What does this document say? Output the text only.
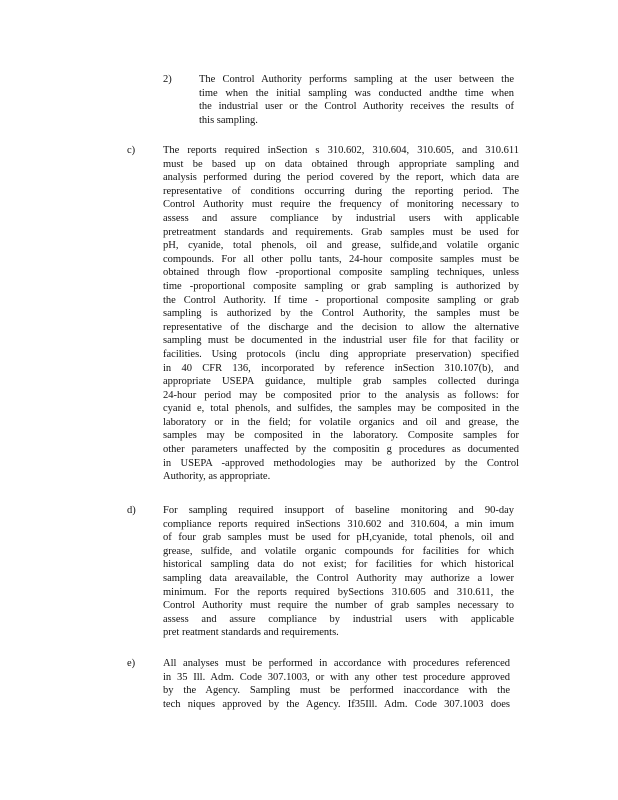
2)	The Control Authority performs sampling at the user between the
time when the initial sampling was conducted andthe time when
the industrial user or the Control Authority receives the results of
this sampling.
c)	The reports required inSection s 310.602, 310.604, 310.605, and 310.611
must be based up on data obtained through appropriate sampling and
analysis performed during the period covered by the report, which data are
representative of conditions occurring during the reporting period. The
Control Authority must require the frequency of monitoring necessary to
assess and assure compliance by industrial users with applicable
pretreatment standards and requirements. Grab samples must be used for
pH, cyanide, total phenols, oil and grease, sulfide,and volatile organic
compounds. For all other pollu tants, 24-hour composite samples must be
obtained through flow -proportional composite sampling techniques, unless
time -proportional composite sampling or grab sampling is authorized by
the Control Authority. If time - proportional composite sampling or grab
sampling is authorized by the Control Authority, the samples must be
representative of the discharge and the decision to allow the alternative
sampling must be documented in the industrial user file for that facility or
facilities. Using protocols (inclu ding appropriate preservation) specified
in 40 CFR 136, incorporated by reference inSection 310.107(b), and
appropriate USEPA guidance, multiple grab samples collected duringa
24-hour period may be composited prior to the analysis as follows: for
cyanid e, total phenols, and sulfides, the samples may be composited in the
laboratory or in the field; for volatile organics and oil and grease, the
samples may be composited in the laboratory. Composite samples for
other parameters unaffected by the compositin g procedures as documented
in USEPA -approved methodologies may be authorized by the Control
Authority, as appropriate.
d)	For sampling required insupport of baseline monitoring and 90-day
compliance reports required inSections 310.602 and 310.604, a min imum
of four grab samples must be used for pH,cyanide, total phenols, oil and
grease, sulfide, and volatile organic compounds for facilities for which
historical sampling data do not exist; for facilities for which historical
sampling data areavailable, the Control Authority may authorize a lower
minimum. For the reports required bySections 310.605 and 310.611, the
Control Authority must require the number of grab samples necessary to
assess and assure compliance by industrial users with applicable
pret reatment standards and requirements.
e)	All analyses must be performed in accordance with procedures referenced
in 35 Ill. Adm. Code 307.1003, or with any other test procedure approved
by the Agency. Sampling must be performed inaccordance with the
tech niques approved by the Agency. If35Ill. Adm. Code 307.1003 does
